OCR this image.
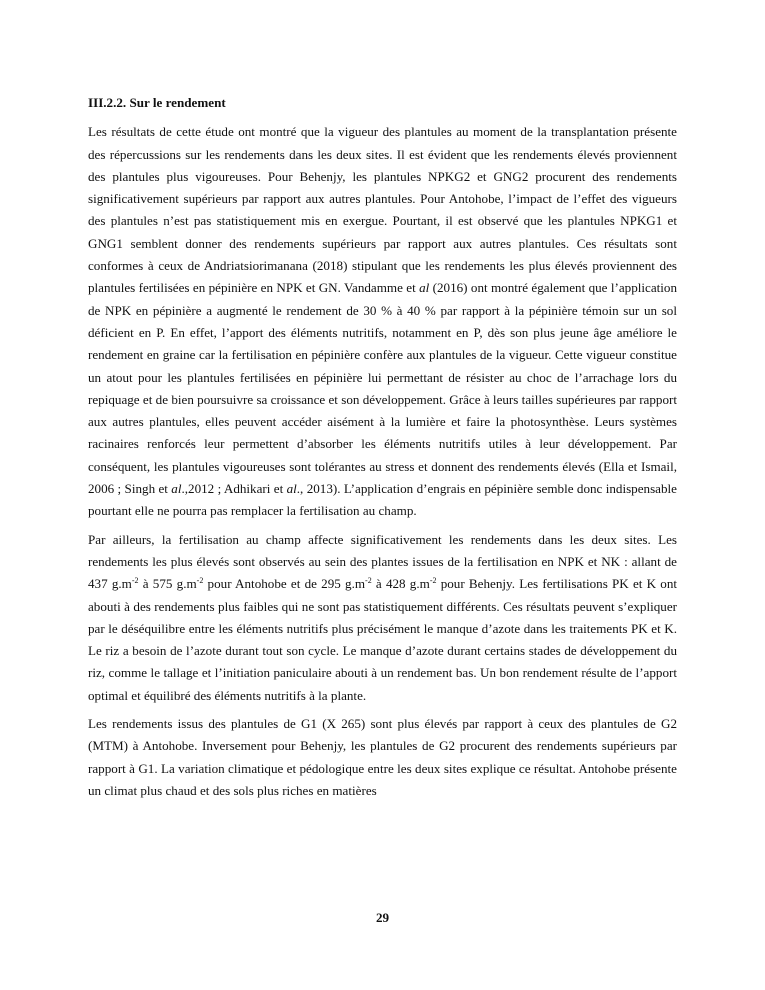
III.2.2. Sur le rendement

Les résultats de cette étude ont montré que la vigueur des plantules au moment de la transplantation présente des répercussions sur les rendements dans les deux sites. Il est évident que les rendements élevés proviennent des plantules plus vigoureuses. Pour Behenjy, les plantules NPKG2 et GNG2 procurent des rendements significativement supérieurs par rapport aux autres plantules. Pour Antohobe, l’impact de l’effet des vigueurs des plantules n’est pas statistiquement mis en exergue. Pourtant, il est observé que les plantules NPKG1 et GNG1 semblent donner des rendements supérieurs par rapport aux autres plantules. Ces résultats sont conformes à ceux de Andriatsiorimanana (2018) stipulant que les rendements les plus élevés proviennent des plantules fertilisées en pépinière en NPK et GN. Vandamme et al (2016) ont montré également que l’application de NPK en pépinière a augmenté le rendement de 30 % à 40 % par rapport à la pépinière témoin sur un sol déficient en P. En effet, l’apport des éléments nutritifs, notamment en P, dès son plus jeune âge améliore le rendement en graine car la fertilisation en pépinière confère aux plantules de la vigueur. Cette vigueur constitue un atout pour les plantules fertilisées en pépinière lui permettant de résister au choc de l’arrachage lors du repiquage et de bien poursuivre sa croissance et son développement. Grâce à leurs tailles supérieures par rapport aux autres plantules, elles peuvent accéder aisément à la lumière et faire la photosynthèse. Leurs systèmes racinaires renforcés leur permettent d’absorber les éléments nutritifs utiles à leur développement. Par conséquent, les plantules vigoureuses sont tolérantes au stress et donnent des rendements élevés (Ella et Ismail, 2006 ; Singh et al.,2012 ; Adhikari et al., 2013). L’application d’engrais en pépinière semble donc indispensable pourtant elle ne pourra pas remplacer la fertilisation au champ.

Par ailleurs, la fertilisation au champ affecte significativement les rendements dans les deux sites. Les rendements les plus élevés sont observés au sein des plantes issues de la fertilisation en NPK et NK : allant de 437 $g.m^{-2}$ à 575 $g.m^{-2}$ pour Antohobe et de 295 $g.m^{-2}$ à 428 $g.m^{-2}$ pour Behenjy. Les fertilisations PK et K ont abouti à des rendements plus faibles qui ne sont pas statistiquement différents. Ces résultats peuvent s’expliquer par le déséquilibre entre les éléments nutritifs plus précisément le manque d’azote dans les traitements PK et K. Le riz a besoin de l’azote durant tout son cycle. Le manque d’azote durant certains stades de développement du riz, comme le tallage et l’initiation paniculaire abouti à un rendement bas. Un bon rendement résulte de l’apport optimal et équilibré des éléments nutritifs à la plante.

Les rendements issus des plantules de G1 (X 265) sont plus élevés par rapport à ceux des plantules de G2 (MTM) à Antohobe. Inversement pour Behenjy, les plantules de G2 procurent des rendements supérieurs par rapport à G1. La variation climatique et pédologique entre les deux sites explique ce résultat. Antohobe présente un climat plus chaud et des sols plus riches en matières

29
